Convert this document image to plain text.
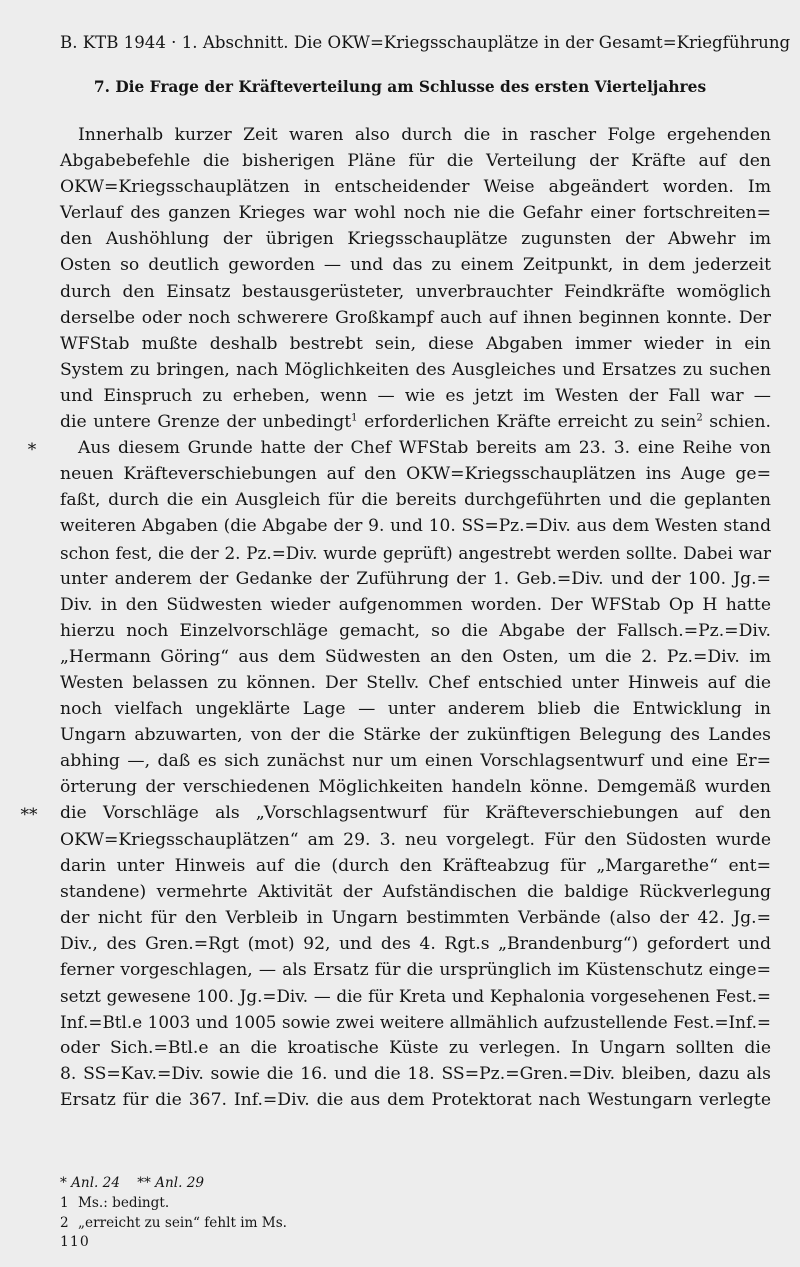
B. KTB 1944 · 1. Abschnitt. Die OKW=Kriegsschauplätze in der Gesamt=Kriegführung
7. Die Frage der Kräfteverteilung am Schlusse des ersten Vierteljahres
*
**
Innerhalb kurzer Zeit waren also durch die in rascher Folge ergehenden
Abgabebefehle die bisherigen Pläne für die Verteilung der Kräfte auf den
OKW=Kriegsschauplätzen in entscheidender Weise abgeändert worden. Im
Verlauf des ganzen Krieges war wohl noch nie die Gefahr einer fortschreiten=
den Aushöhlung der übrigen Kriegsschauplätze zugunsten der Abwehr im
Osten so deutlich geworden — und das zu einem Zeitpunkt, in dem jederzeit
durch den Einsatz bestausgerüsteter, unverbrauchter Feindkräfte womöglich
derselbe oder noch schwerere Großkampf auch auf ihnen beginnen konnte. Der
WFStab mußte deshalb bestrebt sein, diese Abgaben immer wieder in ein
System zu bringen, nach Möglichkeiten des Ausgleiches und Ersatzes zu suchen
und Einspruch zu erheben, wenn — wie es jetzt im Westen der Fall war —
die untere Grenze der unbedingt$^1$ erforderlichen Kräfte erreicht zu sein$^2$ schien.
Aus diesem Grunde hatte der Chef WFStab bereits am 23. 3. eine Reihe von
neuen Kräfteverschiebungen auf den OKW=Kriegsschauplätzen ins Auge ge=
faßt, durch die ein Ausgleich für die bereits durchgeführten und die geplanten
weiteren Abgaben (die Abgabe der 9. und 10. SS=Pz.=Div. aus dem Westen stand
schon fest, die der 2. Pz.=Div. wurde geprüft) angestrebt werden sollte. Dabei war
unter anderem der Gedanke der Zuführung der 1. Geb.=Div. und der 100. Jg.=
Div. in den Südwesten wieder aufgenommen worden. Der WFStab Op H hatte
hierzu noch Einzelvorschläge gemacht, so die Abgabe der Fallsch.=Pz.=Div.
„Hermann Göring“ aus dem Südwesten an den Osten, um die 2. Pz.=Div. im
Westen belassen zu können. Der Stellv. Chef entschied unter Hinweis auf die
noch vielfach ungeklärte Lage — unter anderem blieb die Entwicklung in
Ungarn abzuwarten, von der die Stärke der zukünftigen Belegung des Landes
abhing —, daß es sich zunächst nur um einen Vorschlagsentwurf und eine Er=
örterung der verschiedenen Möglichkeiten handeln könne. Demgemäß wurden
die Vorschläge als „Vorschlagsentwurf für Kräfteverschiebungen auf den
OKW=Kriegsschauplätzen“ am 29. 3. neu vorgelegt. Für den Südosten wurde
darin unter Hinweis auf die (durch den Kräfteabzug für „Margarethe“ ent=
standene) vermehrte Aktivität der Aufständischen die baldige Rückverlegung
der nicht für den Verbleib in Ungarn bestimmten Verbände (also der 42. Jg.=
Div., des Gren.=Rgt (mot) 92, und des 4. Rgt.s „Brandenburg“) gefordert und
ferner vorgeschlagen, — als Ersatz für die ursprünglich im Küstenschutz einge=
setzt gewesene 100. Jg.=Div. — die für Kreta und Kephalonia vorgesehenen Fest.=
Inf.=Btl.e 1003 und 1005 sowie zwei weitere allmählich aufzustellende Fest.=Inf.=
oder Sich.=Btl.e an die kroatische Küste zu verlegen. In Ungarn sollten die
8. SS=Kav.=Div. sowie die 16. und die 18. SS=Pz.=Gren.=Div. bleiben, dazu als
Ersatz für die 367. Inf.=Div. die aus dem Protektorat nach Westungarn verlegte
* Anl. 24    ** Anl. 29
1 Ms.: bedingt.
2 „erreicht zu sein“ fehlt im Ms.
110
